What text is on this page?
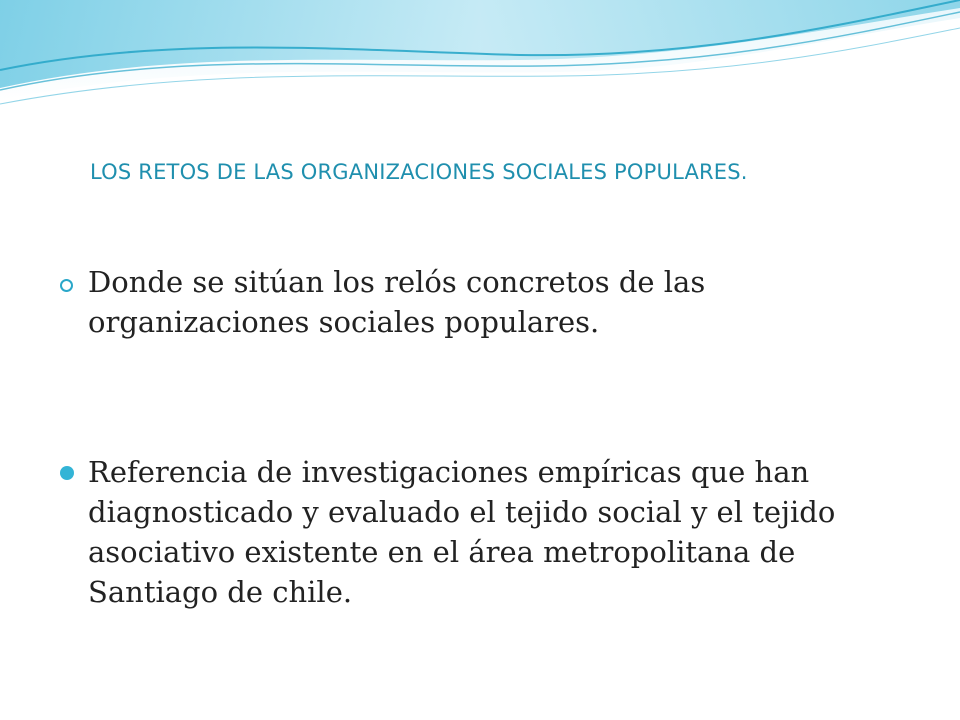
LOS RETOS DE LAS ORGANIZACIONES SOCIALES POPULARES.
Donde se sitúan los relós concretos de las organizaciones sociales populares.
Referencia de investigaciones empíricas que han diagnosticado y evaluado el tejido social y el tejido asociativo existente en el área metropolitana de Santiago de chile.
